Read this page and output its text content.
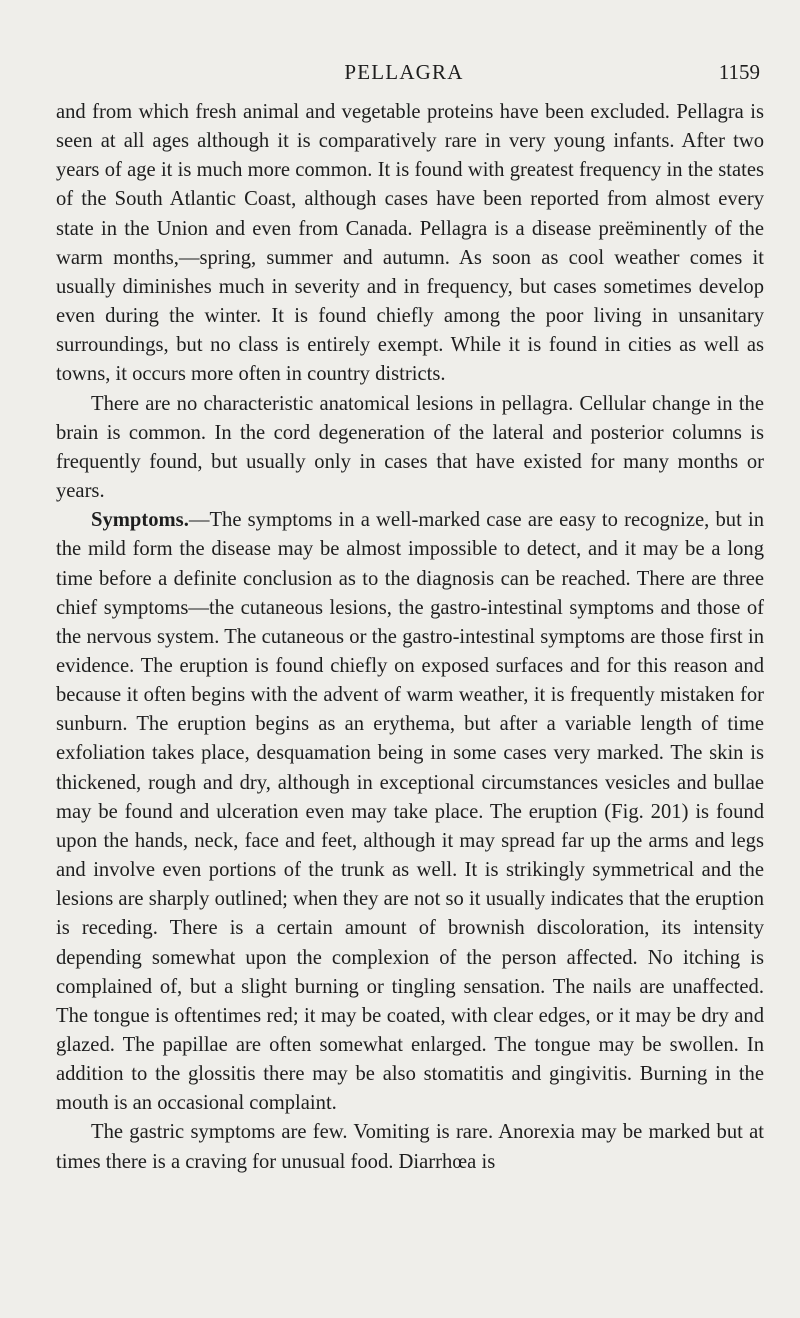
PELLAGRA	1159

and from which fresh animal and vegetable proteins have been excluded. Pellagra is seen at all ages although it is comparatively rare in very young infants. After two years of age it is much more common. It is found with greatest frequency in the states of the South Atlantic Coast, although cases have been reported from almost every state in the Union and even from Canada. Pellagra is a disease preëminently of the warm months,—spring, summer and autumn. As soon as cool weather comes it usually diminishes much in severity and in frequency, but cases sometimes develop even during the winter. It is found chiefly among the poor living in unsanitary surroundings, but no class is entirely exempt. While it is found in cities as well as towns, it occurs more often in country districts.

There are no characteristic anatomical lesions in pellagra. Cellular change in the brain is common. In the cord degeneration of the lateral and posterior columns is frequently found, but usually only in cases that have existed for many months or years.

Symptoms.—The symptoms in a well-marked case are easy to recognize, but in the mild form the disease may be almost impossible to detect, and it may be a long time before a definite conclusion as to the diagnosis can be reached. There are three chief symptoms—the cutaneous lesions, the gastro-intestinal symptoms and those of the nervous system. The cutaneous or the gastro-intestinal symptoms are those first in evidence. The eruption is found chiefly on exposed surfaces and for this reason and because it often begins with the advent of warm weather, it is frequently mistaken for sunburn. The eruption begins as an erythema, but after a variable length of time exfoliation takes place, desquamation being in some cases very marked. The skin is thickened, rough and dry, although in exceptional circumstances vesicles and bullae may be found and ulceration even may take place. The eruption (Fig. 201) is found upon the hands, neck, face and feet, although it may spread far up the arms and legs and involve even portions of the trunk as well. It is strikingly symmetrical and the lesions are sharply outlined; when they are not so it usually indicates that the eruption is receding. There is a certain amount of brownish discoloration, its intensity depending somewhat upon the complexion of the person affected. No itching is complained of, but a slight burning or tingling sensation. The nails are unaffected. The tongue is oftentimes red; it may be coated, with clear edges, or it may be dry and glazed. The papillae are often somewhat enlarged. The tongue may be swollen. In addition to the glossitis there may be also stomatitis and gingivitis. Burning in the mouth is an occasional complaint.

The gastric symptoms are few. Vomiting is rare. Anorexia may be marked but at times there is a craving for unusual food. Diarrhœa is
